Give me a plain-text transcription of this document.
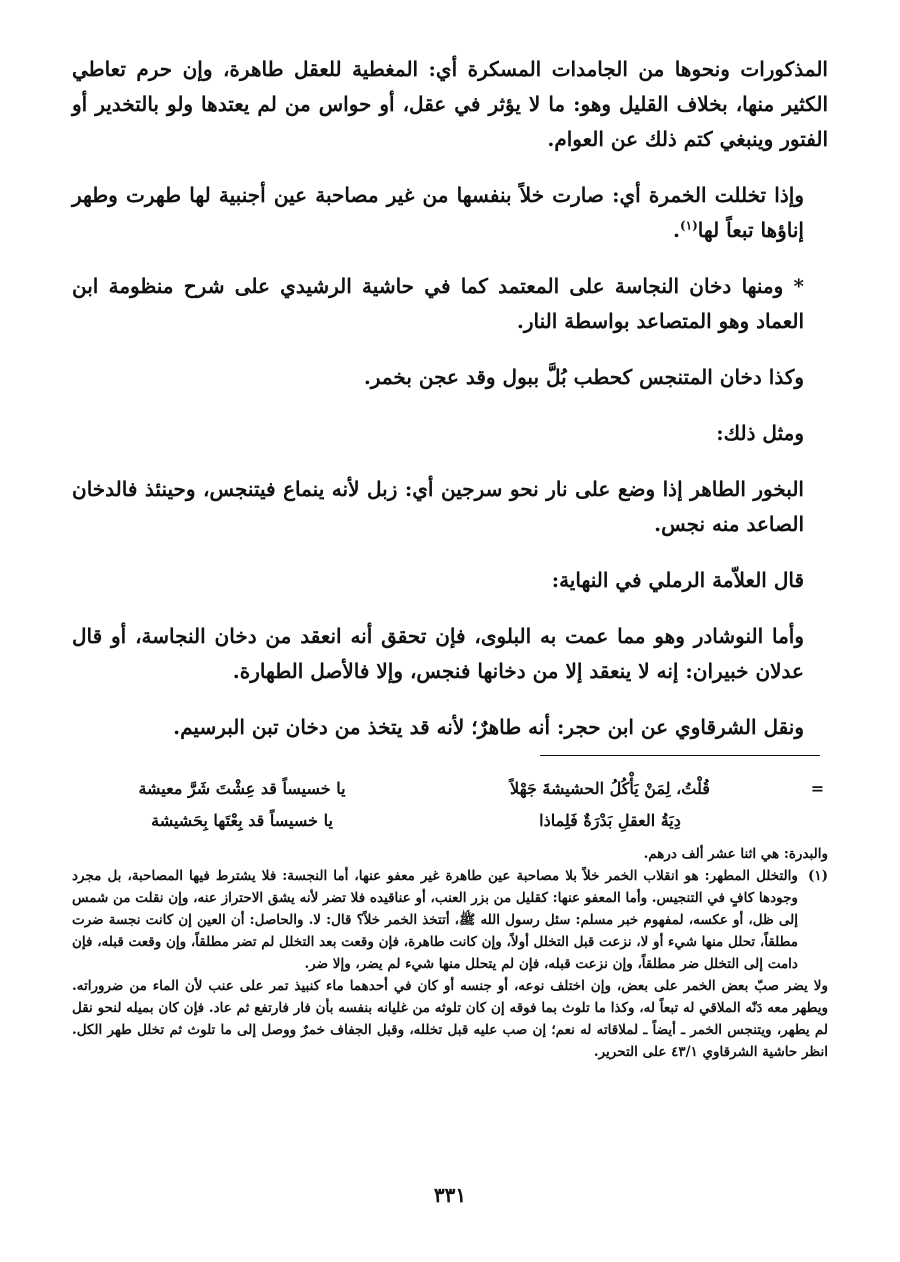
المذكورات ونحوها من الجامدات المسكرة أي: المغطية للعقل طاهرة، وإن حرم تعاطي الكثير منها، بخلاف القليل وهو: ما لا يؤثر في عقل، أو حواس من لم يعتدها ولو بالتخدير أو الفتور وينبغي كتم ذلك عن العوام.

وإذا تخللت الخمرة أي: صارت خلاً بنفسها من غير مصاحبة عين أجنبية لها طهرت وطهر إناؤها تبعاً لها$^{(١)}$.

* ومنها دخان النجاسة على المعتمد كما في حاشية الرشيدي على شرح منظومة ابن العماد وهو المتصاعد بواسطة النار.

وكذا دخان المتنجس كحطب بُلَّ ببول وقد عجن بخمر.

ومثل ذلك:

البخور الطاهر إذا وضع على نار نحو سرجين أي: زبل لأنه ينماع فيتنجس، وحينئذ فالدخان الصاعد منه نجس.

قال العلاّمة الرملي في النهاية:

وأما النوشادر وهو مما عمت به البلوى، فإن تحقق أنه انعقد من دخان النجاسة، أو قال عدلان خبيران: إنه لا ينعقد إلا من دخانها فنجس، وإلا فالأصل الطهارة.

ونقل الشرقاوي عن ابن حجر: أنه طاهرٌ؛ لأنه قد يتخذ من دخان تبن البرسيم.

=
قُلْتُ، لِمَنْ يَأْكُلُ الحشيشةَ جَهْلاً
يا خسيساً قد عِشْتَ شَرَّ معيشة
دِيَةُ العقلِ بَدْرَةٌ فَلِماذا
يا خسيساً قد بِعْتَها بِحَشيشة

والبدرة: هي اثنا عشر ألف درهم.

(١)

والتخلل المطهر: هو انقلاب الخمر خلاً بلا مصاحبة عين طاهرة غير معفو عنها، أما النجسة: فلا يشترط فيها المصاحبة، بل مجرد وجودها كافٍ في التنجيس. وأما المعفو عنها: كقليل من بزر العنب، أو عناقيده فلا تضر لأنه يشق الاحتراز عنه، وإن نقلت من شمس إلى ظل، أو عكسه، لمفهوم خبر مسلم: سئل رسول الله ﷺ، أتتخذ الخمر خلاً؟ قال: لا. والحاصل: أن العين إن كانت نجسة ضرت مطلقاً، تحلل منها شيء أو لا، نزعت قبل التخلل أولاً، وإن كانت طاهرة، فإن وقعت بعد التخلل لم تضر مطلقاً، وإن وقعت قبله، فإن دامت إلى التخلل ضر مطلقاً، وإن نزعت قبله، فإن لم يتحلل منها شيء لم يضر، وإلا ضر.

ولا يضر صبّ بعض الخمر على بعض، وإن اختلف نوعه، أو جنسه أو كان في أحدهما ماء كنبيذ تمر على عنب لأن الماء من ضروراته. ويطهر معه دَنّه الملاقي له تبعاً له، وكذا ما تلوث بما فوقه إن كان تلوثه من غليانه بنفسه بأن فار فارتفع ثم عاد. فإن كان بميله لنحو نقل لم يطهر، ويتنجس الخمر ـ أيضاً ـ لملاقاته له نعم؛ إن صب عليه قبل تخلله، وقبل الجفاف خمرٌ ووصل إلى ما تلوث ثم تخلل طهر الكل. انظر حاشية الشرقاوي ٤٣/١ على التحرير.

٣٣١
